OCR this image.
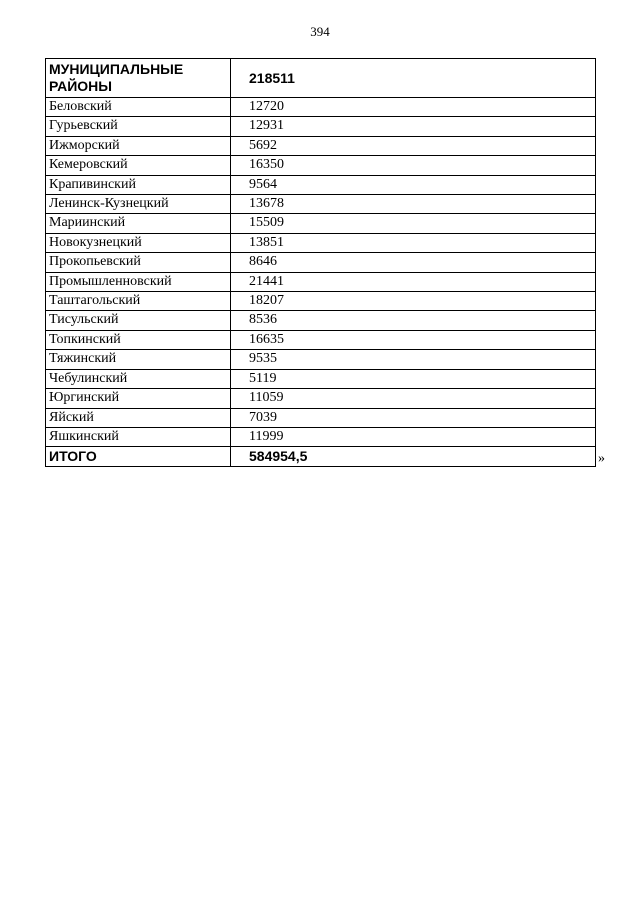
394
МУНИЦИПАЛЬНЫЕ РАЙОНЫ	218511
Беловский	12720
Гурьевский	12931
Ижморский	5692
Кемеровский	16350
Крапивинский	9564
Ленинск-Кузнецкий	13678
Мариинский	15509
Новокузнецкий	13851
Прокопьевский	8646
Промышленновский	21441
Таштагольский	18207
Тисульский	8536
Топкинский	16635
Тяжинский	9535
Чебулинский	5119
Юргинский	11059
Яйский	7039
Яшкинский	11999
ИТОГО	584954,5	»
